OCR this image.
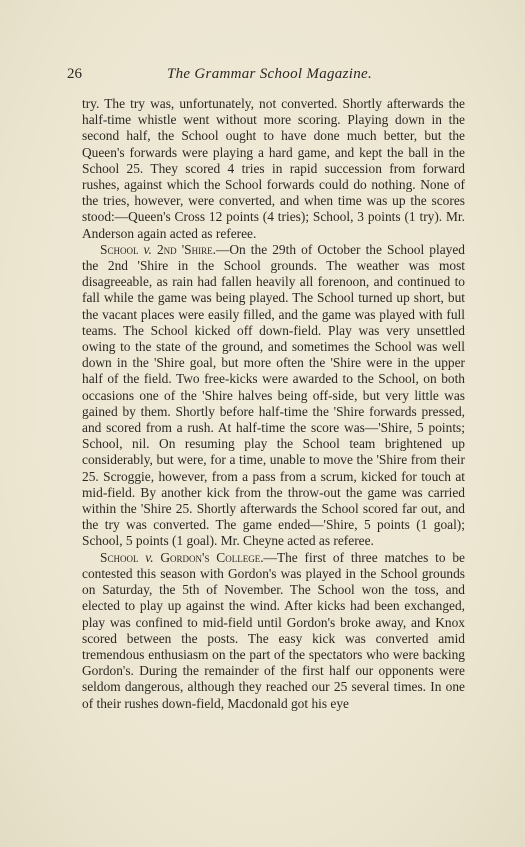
26	The Grammar School Magazine.

try. The try was, unfortunately, not converted. Shortly afterwards the half-time whistle went without more scoring. Playing down in the second half, the School ought to have done much better, but the Queen's forwards were playing a hard game, and kept the ball in the School 25. They scored 4 tries in rapid succession from forward rushes, against which the School forwards could do nothing. None of the tries, however, were converted, and when time was up the scores stood:—Queen's Cross 12 points (4 tries); School, 3 points (1 try). Mr. Anderson again acted as referee.

School v. 2nd 'Shire.—On the 29th of October the School played the 2nd 'Shire in the School grounds. The weather was most disagreeable, as rain had fallen heavily all forenoon, and continued to fall while the game was being played. The School turned up short, but the vacant places were easily filled, and the game was played with full teams. The School kicked off down-field. Play was very unsettled owing to the state of the ground, and sometimes the School was well down in the 'Shire goal, but more often the 'Shire were in the upper half of the field. Two free-kicks were awarded to the School, on both occasions one of the 'Shire halves being off-side, but very little was gained by them. Shortly before half-time the 'Shire forwards pressed, and scored from a rush. At half-time the score was—'Shire, 5 points; School, nil. On resuming play the School team brightened up considerably, but were, for a time, unable to move the 'Shire from their 25. Scroggie, however, from a pass from a scrum, kicked for touch at mid-field. By another kick from the throw-out the game was carried within the 'Shire 25. Shortly afterwards the School scored far out, and the try was converted. The game ended—'Shire, 5 points (1 goal); School, 5 points (1 goal). Mr. Cheyne acted as referee.

School v. Gordon's College.—The first of three matches to be contested this season with Gordon's was played in the School grounds on Saturday, the 5th of November. The School won the toss, and elected to play up against the wind. After kicks had been exchanged, play was confined to mid-field until Gordon's broke away, and Knox scored between the posts. The easy kick was converted amid tremendous enthusiasm on the part of the spectators who were backing Gordon's. During the remainder of the first half our opponents were seldom dangerous, although they reached our 25 several times. In one of their rushes down-field, Macdonald got his eye
